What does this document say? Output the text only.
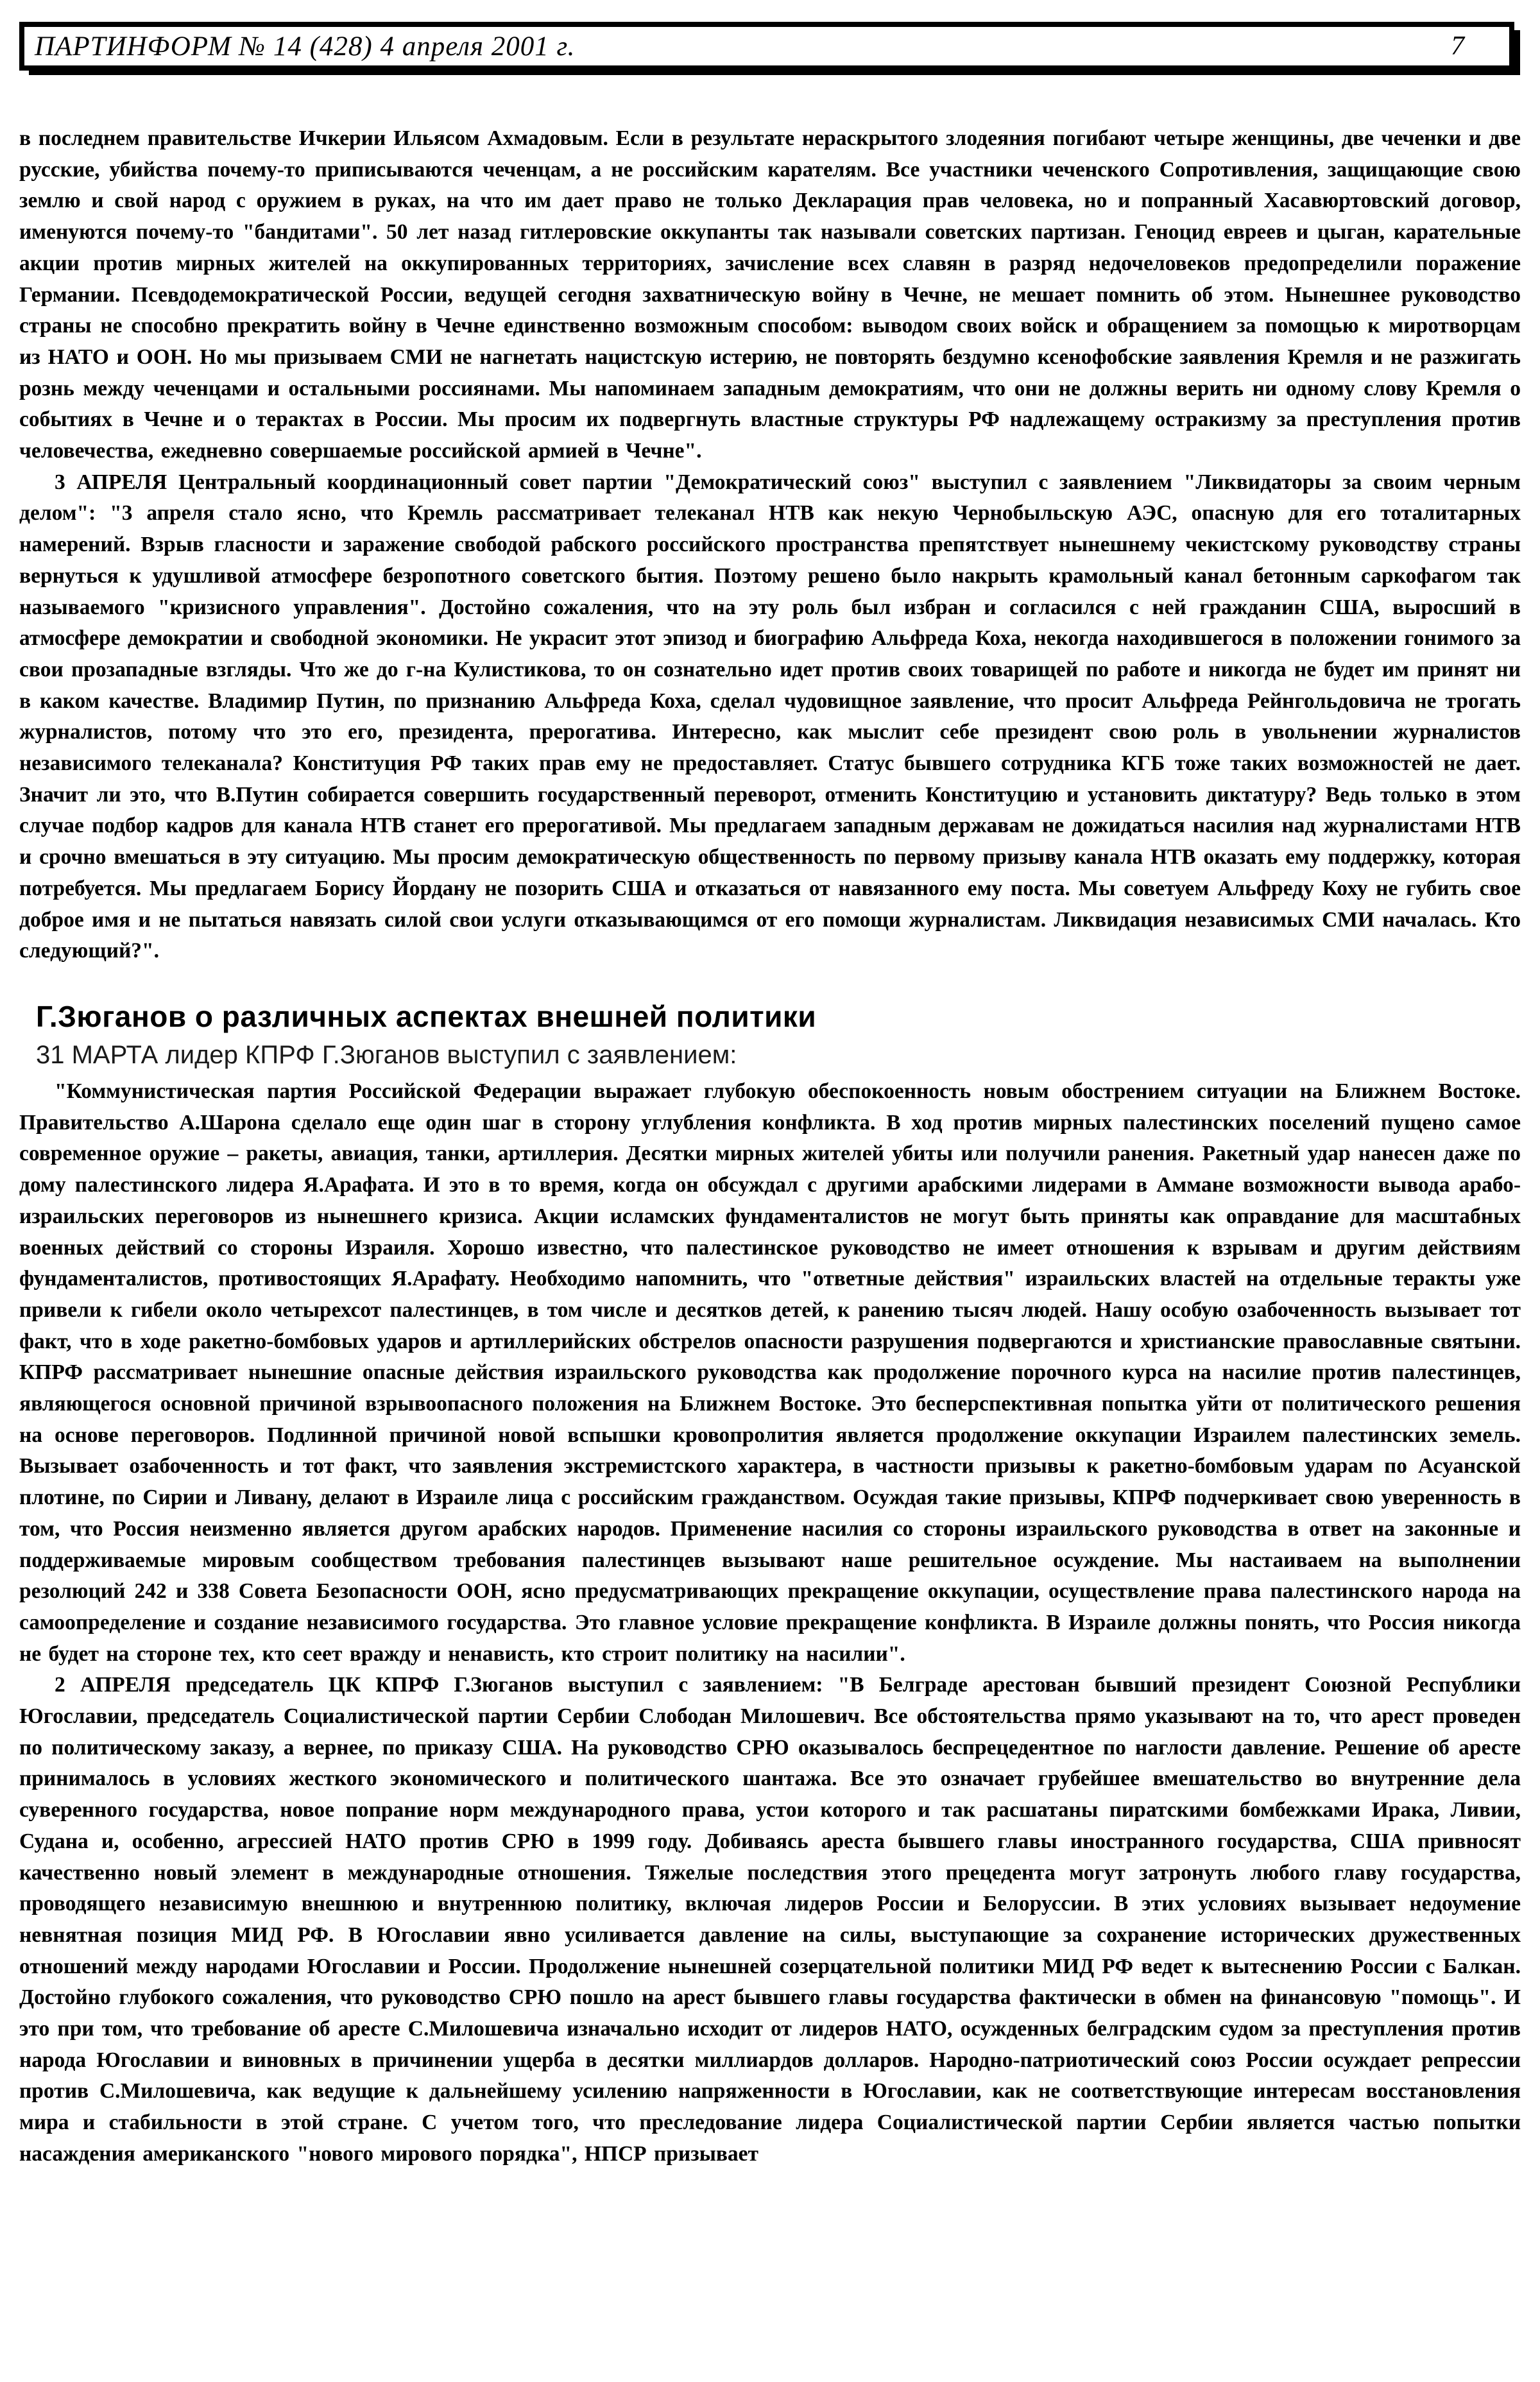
ПАРТИНФОРМ № 14 (428) 4 апреля 2001 г.	7

в последнем правительстве Ичкерии Ильясом Ахмадовым. Если в результате нераскрытого злодеяния погибают четыре женщины, две чеченки и две русские, убийства почему-то приписываются чеченцам, а не российским карателям. Все участники чеченского Сопротивления, защищающие свою землю и свой народ с оружием в руках, на что им дает право не только Декларация прав человека, но и попранный Хасавюртовский договор, именуются почему-то "бандитами". 50 лет назад гитлеровские оккупанты так называли советских партизан. Геноцид евреев и цыган, карательные акции против мирных жителей на оккупированных территориях, зачисление всех славян в разряд недочеловеков предопределили поражение Германии. Псевдодемократической России, ведущей сегодня захватническую войну в Чечне, не мешает помнить об этом. Нынешнее руководство страны не способно прекратить войну в Чечне единственно возможным способом: выводом своих войск и обращением за помощью к миротворцам из НАТО и ООН. Но мы призываем СМИ не нагнетать нацистскую истерию, не повторять бездумно ксенофобские заявления Кремля и не разжигать рознь между чеченцами и остальными россиянами. Мы напоминаем западным демократиям, что они не должны верить ни одному слову Кремля о событиях в Чечне и о терактах в России. Мы просим их подвергнуть властные структуры РФ надлежащему остракизму за преступления против человечества, ежедневно совершаемые российской армией в Чечне".

3 АПРЕЛЯ Центральный координационный совет партии "Демократический союз" выступил с заявлением "Ликвидаторы за своим черным делом": "3 апреля стало ясно, что Кремль рассматривает телеканал НТВ как некую Чернобыльскую АЭС, опасную для его тоталитарных намерений. Взрыв гласности и заражение свободой рабского российского пространства препятствует нынешнему чекистскому руководству страны вернуться к удушливой атмосфере безропотного советского бытия. Поэтому решено было накрыть крамольный канал бетонным саркофагом так называемого "кризисного управления". Достойно сожаления, что на эту роль был избран и согласился с ней гражданин США, выросший в атмосфере демократии и свободной экономики. Не украсит этот эпизод и биографию Альфреда Коха, некогда находившегося в положении гонимого за свои прозападные взгляды. Что же до г-на Кулистикова, то он сознательно идет против своих товарищей по работе и никогда не будет им принят ни в каком качестве. Владимир Путин, по признанию Альфреда Коха, сделал чудовищное заявление, что просит Альфреда Рейнгольдовича не трогать журналистов, потому что это его, президента, прерогатива. Интересно, как мыслит себе президент свою роль в увольнении журналистов независимого телеканала? Конституция РФ таких прав ему не предоставляет. Статус бывшего сотрудника КГБ тоже таких возможностей не дает. Значит ли это, что В.Путин собирается совершить государственный переворот, отменить Конституцию и установить диктатуру? Ведь только в этом случае подбор кадров для канала НТВ станет его прерогативой. Мы предлагаем западным державам не дожидаться насилия над журналистами НТВ и срочно вмешаться в эту ситуацию. Мы просим демократическую общественность по первому призыву канала НТВ оказать ему поддержку, которая потребуется. Мы предлагаем Борису Йордану не позорить США и отказаться от навязанного ему поста. Мы советуем Альфреду Коху не губить свое доброе имя и не пытаться навязать силой свои услуги отказывающимся от его помощи журналистам. Ликвидация независимых СМИ началась. Кто следующий?".

Г.Зюганов о различных аспектах внешней политики

31 МАРТА лидер КПРФ Г.Зюганов выступил с заявлением:

"Коммунистическая партия Российской Федерации выражает глубокую обеспокоенность новым обострением ситуации на Ближнем Востоке. Правительство А.Шарона сделало еще один шаг в сторону углубления конфликта. В ход против мирных палестинских поселений пущено самое современное оружие – ракеты, авиация, танки, артиллерия. Десятки мирных жителей убиты или получили ранения. Ракетный удар нанесен даже по дому палестинского лидера Я.Арафата. И это в то время, когда он обсуждал с другими арабскими лидерами в Аммане возможности вывода арабо-израильских переговоров из нынешнего кризиса. Акции исламских фундаменталистов не могут быть приняты как оправдание для масштабных военных действий со стороны Израиля. Хорошо известно, что палестинское руководство не имеет отношения к взрывам и другим действиям фундаменталистов, противостоящих Я.Арафату. Необходимо напомнить, что "ответные действия" израильских властей на отдельные теракты уже привели к гибели около четырехсот палестинцев, в том числе и десятков детей, к ранению тысяч людей. Нашу особую озабоченность вызывает тот факт, что в ходе ракетно-бомбовых ударов и артиллерийских обстрелов опасности разрушения подвергаются и христианские православные святыни. КПРФ рассматривает нынешние опасные действия израильского руководства как продолжение порочного курса на насилие против палестинцев, являющегося основной причиной взрывоопасного положения на Ближнем Востоке. Это бесперспективная попытка уйти от политического решения на основе переговоров. Подлинной причиной новой вспышки кровопролития является продолжение оккупации Израилем палестинских земель. Вызывает озабоченность и тот факт, что заявления экстремистского характера, в частности призывы к ракетно-бомбовым ударам по Асуанской плотине, по Сирии и Ливану, делают в Израиле лица с российским гражданством. Осуждая такие призывы, КПРФ подчеркивает свою уверенность в том, что Россия неизменно является другом арабских народов. Применение насилия со стороны израильского руководства в ответ на законные и поддерживаемые мировым сообществом требования палестинцев вызывают наше решительное осуждение. Мы настаиваем на выполнении резолюций 242 и 338 Совета Безопасности ООН, ясно предусматривающих прекращение оккупации, осуществление права палестинского народа на самоопределение и создание независимого государства. Это главное условие прекращение конфликта. В Израиле должны понять, что Россия никогда не будет на стороне тех, кто сеет вражду и ненависть, кто строит политику на насилии".

2 АПРЕЛЯ председатель ЦК КПРФ Г.Зюганов выступил с заявлением: "В Белграде арестован бывший президент Союзной Республики Югославии, председатель Социалистической партии Сербии Слободан Милошевич. Все обстоятельства прямо указывают на то, что арест проведен по политическому заказу, а вернее, по приказу США. На руководство СРЮ оказывалось беспрецедентное по наглости давление. Решение об аресте принималось в условиях жесткого экономического и политического шантажа. Все это означает грубейшее вмешательство во внутренние дела суверенного государства, новое попрание норм международного права, устои которого и так расшатаны пиратскими бомбежками Ирака, Ливии, Судана и, особенно, агрессией НАТО против СРЮ в 1999 году. Добиваясь ареста бывшего главы иностранного государства, США привносят качественно новый элемент в международные отношения. Тяжелые последствия этого прецедента могут затронуть любого главу государства, проводящего независимую внешнюю и внутреннюю политику, включая лидеров России и Белоруссии. В этих условиях вызывает недоумение невнятная позиция МИД РФ. В Югославии явно усиливается давление на силы, выступающие за сохранение исторических дружественных отношений между народами Югославии и России. Продолжение нынешней созерцательной политики МИД РФ ведет к вытеснению России с Балкан. Достойно глубокого сожаления, что руководство СРЮ пошло на арест бывшего главы государства фактически в обмен на финансовую "помощь". И это при том, что требование об аресте С.Милошевича изначально исходит от лидеров НАТО, осужденных белградским судом за преступления против народа Югославии и виновных в причинении ущерба в десятки миллиардов долларов. Народно-патриотический союз России осуждает репрессии против С.Милошевича, как ведущие к дальнейшему усилению напряженности в Югославии, как не соответствующие интересам восстановления мира и стабильности в этой стране. С учетом того, что преследование лидера Социалистической партии Сербии является частью попытки насаждения американского "нового мирового порядка", НПСР призывает
